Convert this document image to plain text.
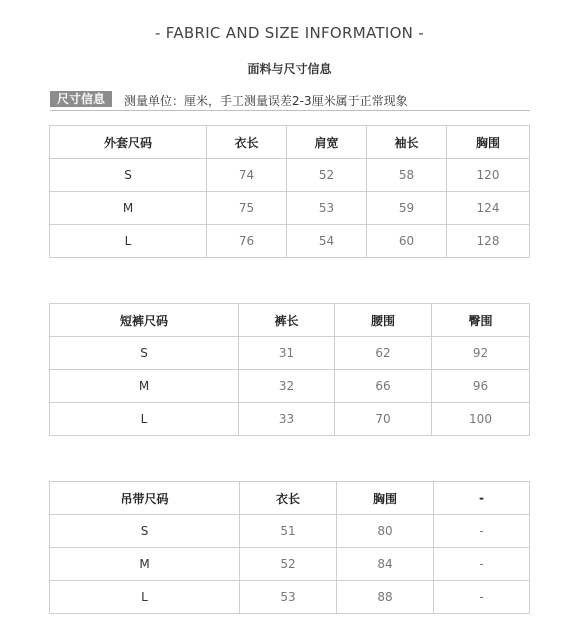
- FABRIC AND SIZE INFORMATION -
面料与尺寸信息
尺寸信息	测量单位：厘米，手工测量误差2-3厘米属于正常现象
外套尺码	衣长	肩宽	袖长	胸围
S	74	52	58	120
M	75	53	59	124
L	76	54	60	128
短裤尺码	裤长	腰围	臀围
S	31	62	92
M	32	66	96
L	33	70	100
吊带尺码	衣长	胸围	-
S	51	80	-
M	52	84	-
L	53	88	-
